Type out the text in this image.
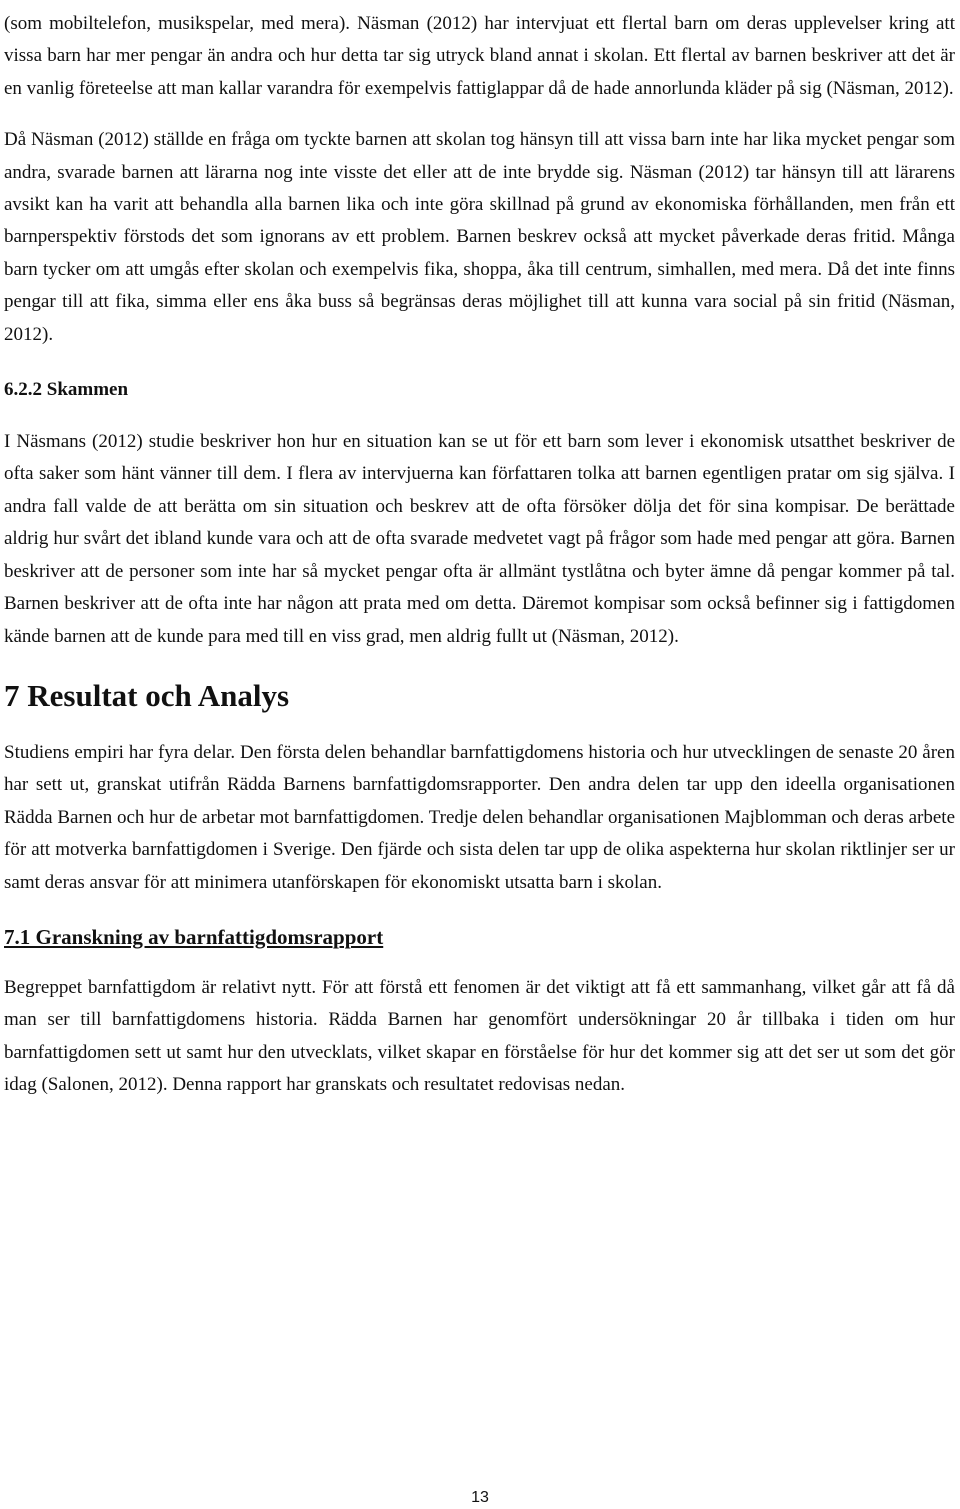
(som mobiltelefon, musikspelar, med mera). Näsman (2012) har intervjuat ett flertal barn om deras upplevelser kring att vissa barn har mer pengar än andra och hur detta tar sig utryck bland annat i skolan. Ett flertal av barnen beskriver att det är en vanlig företeelse att man kallar varandra för exempelvis fattiglappar då de hade annorlunda kläder på sig (Näsman, 2012).

Då Näsman (2012) ställde en fråga om tyckte barnen att skolan tog hänsyn till att vissa barn inte har lika mycket pengar som andra, svarade barnen att lärarna nog inte visste det eller att de inte brydde sig. Näsman (2012) tar hänsyn till att lärarens avsikt kan ha varit att behandla alla barnen lika och inte göra skillnad på grund av ekonomiska förhållanden, men från ett barnperspektiv förstods det som ignorans av ett problem. Barnen beskrev också att mycket påverkade deras fritid. Många barn tycker om att umgås efter skolan och exempelvis fika, shoppa, åka till centrum, simhallen, med mera. Då det inte finns pengar till att fika, simma eller ens åka buss så begränsas deras möjlighet till att kunna vara social på sin fritid (Näsman, 2012).

6.2.2 Skammen

I Näsmans (2012) studie beskriver hon hur en situation kan se ut för ett barn som lever i ekonomisk utsatthet beskriver de ofta saker som hänt vänner till dem. I flera av intervjuerna kan författaren tolka att barnen egentligen pratar om sig själva. I andra fall valde de att berätta om sin situation och beskrev att de ofta försöker dölja det för sina kompisar. De berättade aldrig hur svårt det ibland kunde vara och att de ofta svarade medvetet vagt på frågor som hade med pengar att göra. Barnen beskriver att de personer som inte har så mycket pengar ofta är allmänt tystlåtna och byter ämne då pengar kommer på tal. Barnen beskriver att de ofta inte har någon att prata med om detta. Däremot kompisar som också befinner sig i fattigdomen kände barnen att de kunde para med till en viss grad, men aldrig fullt ut (Näsman, 2012).

7 Resultat och Analys

Studiens empiri har fyra delar. Den första delen behandlar barnfattigdomens historia och hur utvecklingen de senaste 20 åren har sett ut, granskat utifrån Rädda Barnens barnfattigdomsrapporter. Den andra delen tar upp den ideella organisationen Rädda Barnen och hur de arbetar mot barnfattigdomen. Tredje delen behandlar organisationen Majblomman och deras arbete för att motverka barnfattigdomen i Sverige. Den fjärde och sista delen tar upp de olika aspekterna hur skolan riktlinjer ser ur samt deras ansvar för att minimera utanförskapen för ekonomiskt utsatta barn i skolan.

7.1 Granskning av barnfattigdomsrapport

Begreppet barnfattigdom är relativt nytt. För att förstå ett fenomen är det viktigt att få ett sammanhang, vilket går att få då man ser till barnfattigdomens historia. Rädda Barnen har genomfört undersökningar 20 år tillbaka i tiden om hur barnfattigdomen sett ut samt hur den utvecklats, vilket skapar en förståelse för hur det kommer sig att det ser ut som det gör idag (Salonen, 2012). Denna rapport har granskats och resultatet redovisas nedan.

13
